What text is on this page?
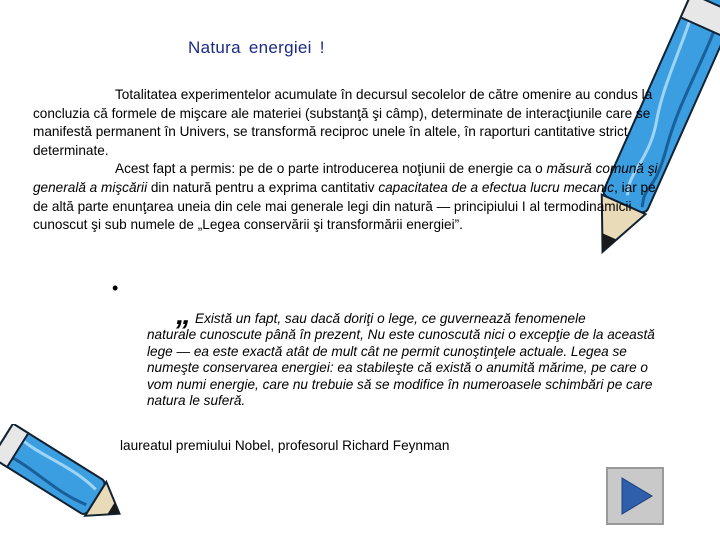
Natura energiei !

Totalitatea experimentelor acumulate în decursul secolelor de către omenire au condus la concluzia că formele de mişcare ale materiei (substanţă şi câmp), determinate de interacţiunile care se manifestă permanent în Univers, se transformă reciproc unele în altele, în raporturi cantitative strict determinate.

Acest fapt a permis: pe de o parte introducerea noţiunii de energie ca o măsură comună şi generală a mişcării din natură pentru a exprima cantitativ capacitatea de a efectua lucru mecanic, iar pe de altă parte enunţarea uneia din cele mai generale legi din natură — principiului I al termodinamicii cunoscut şi sub numele de „Legea conservării şi transformării energiei”.

•
„ Există un fapt, sau dacă doriţi o lege, ce guvernează fenomenele
naturale cunoscute până în prezent, Nu este cunoscută nici o excepţie de la această lege — ea este exactă atât de mult cât ne permit cunoştinţele actuale. Legea se numeşte conservarea energiei: ea stabileşte că există o anumită mărime, pe care o vom numi energie, care nu trebuie să se modifice în numeroasele schimbări pe care natura le suferă.
laureatul premiului Nobel, profesorul Richard Feynman
